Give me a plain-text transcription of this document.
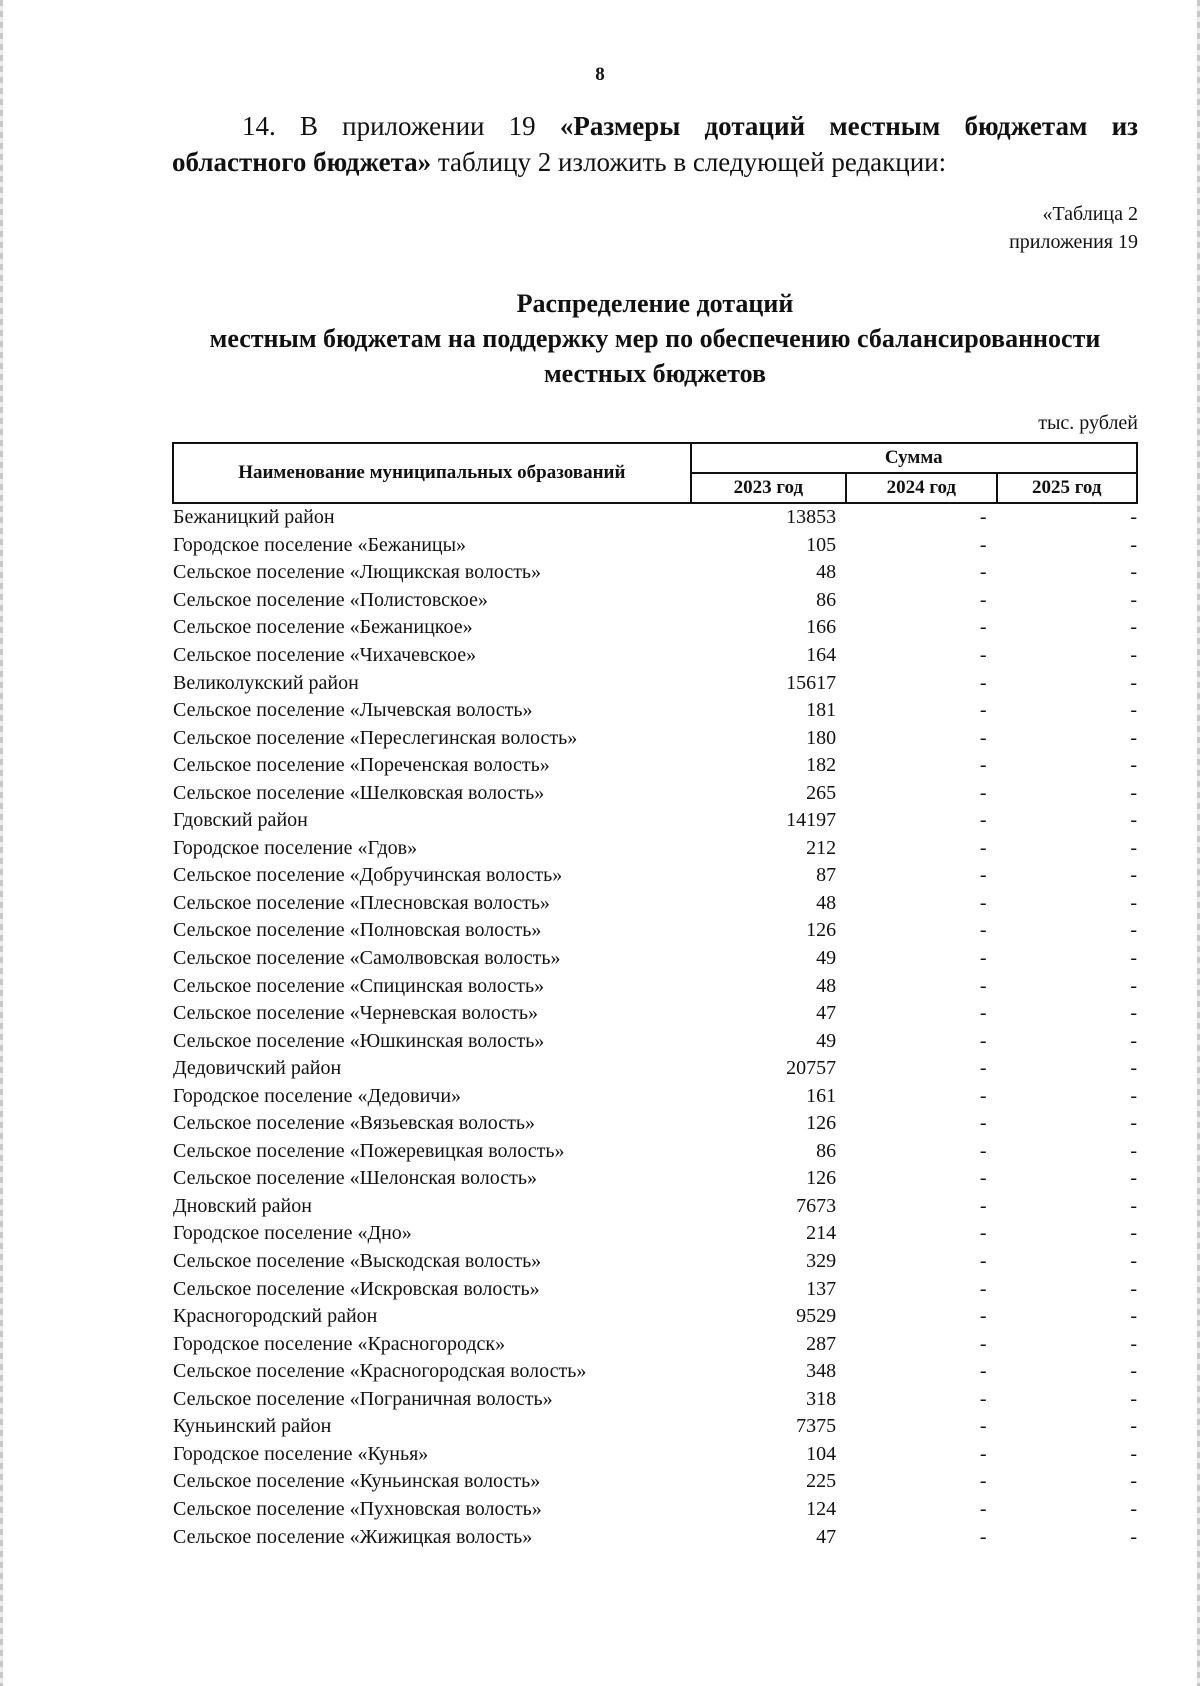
8
14. В приложении 19 «Размеры дотаций местным бюджетам из областного бюджета» таблицу 2 изложить в следующей редакции:
«Таблица 2
приложения 19
Распределение дотаций
местным бюджетам на поддержку мер по обеспечению сбалансированности
местных бюджетов
тыс. рублей
Наименование муниципальных образований	Сумма		
	2023 год	2024 год	2025 год
Бежаницкий район	13853	-	-
Городское поселение «Бежаницы»	105	-	-
Сельское поселение «Лющикская волость»	48	-	-
Сельское поселение «Полистовское»	86	-	-
Сельское поселение «Бежаницкое»	166	-	-
Сельское поселение «Чихачевское»	164	-	-
Великолукский район	15617	-	-
Сельское поселение «Лычевская волость»	181	-	-
Сельское поселение «Переслегинская волость»	180	-	-
Сельское поселение «Пореченская волость»	182	-	-
Сельское поселение «Шелковская волость»	265	-	-
Гдовский район	14197	-	-
Городское поселение «Гдов»	212	-	-
Сельское поселение «Добручинская волость»	87	-	-
Сельское поселение «Плесновская волость»	48	-	-
Сельское поселение «Полновская волость»	126	-	-
Сельское поселение «Самолвовская волость»	49	-	-
Сельское поселение «Спицинская волость»	48	-	-
Сельское поселение «Черневская волость»	47	-	-
Сельское поселение «Юшкинская волость»	49	-	-
Дедовичский район	20757	-	-
Городское поселение «Дедовичи»	161	-	-
Сельское поселение «Вязьевская волость»	126	-	-
Сельское поселение «Пожеревицкая волость»	86	-	-
Сельское поселение «Шелонская волость»	126	-	-
Дновский район	7673	-	-
Городское поселение «Дно»	214	-	-
Сельское поселение «Выскодская волость»	329	-	-
Сельское поселение «Искровская волость»	137	-	-
Красногородский район	9529	-	-
Городское поселение «Красногородск»	287	-	-
Сельское поселение «Красногородская волость»	348	-	-
Сельское поселение «Пограничная волость»	318	-	-
Куньинский район	7375	-	-
Городское поселение «Кунья»	104	-	-
Сельское поселение «Куньинская волость»	225	-	-
Сельское поселение «Пухновская волость»	124	-	-
Сельское поселение «Жижицкая волость»	47	-	-
